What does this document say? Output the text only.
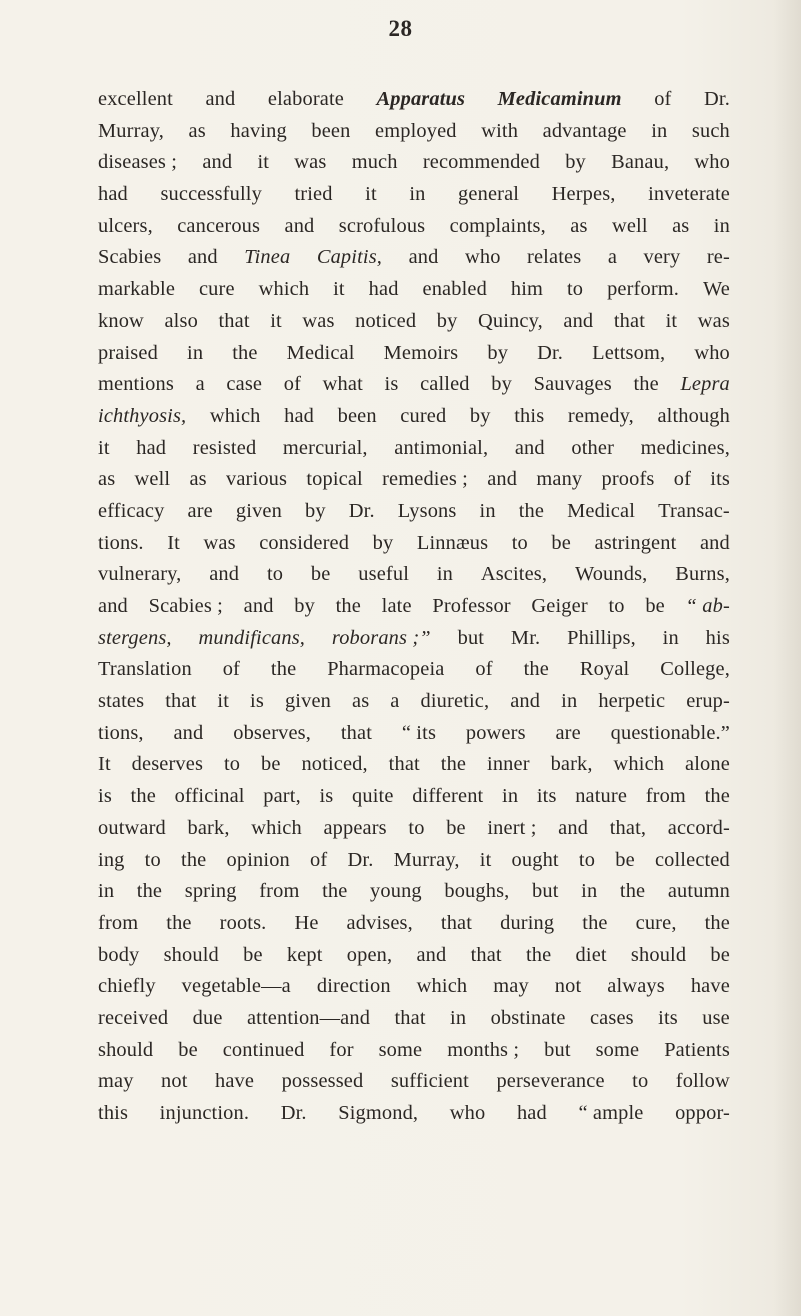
28
excellent and elaborate Apparatus Medicaminum of Dr.
Murray, as having been employed with advantage in such
diseases ; and it was much recommended by Banau, who
had successfully tried it in general Herpes, inveterate
ulcers, cancerous and scrofulous complaints, as well as in
Scabies and Tinea Capitis, and who relates a very re-
markable cure which it had enabled him to perform. We
know also that it was noticed by Quincy, and that it was
praised in the Medical Memoirs by Dr. Lettsom, who
mentions a case of what is called by Sauvages the Lepra
ichthyosis, which had been cured by this remedy, although
it had resisted mercurial, antimonial, and other medicines,
as well as various topical remedies ; and many proofs of its
efficacy are given by Dr. Lysons in the Medical Transac-
tions. It was considered by Linnæus to be astringent and
vulnerary, and to be useful in Ascites, Wounds, Burns,
and Scabies ; and by the late Professor Geiger to be “ ab-
stergens, mundificans, roborans ;” but Mr. Phillips, in his
Translation of the Pharmacopeia of the Royal College,
states that it is given as a diuretic, and in herpetic erup-
tions, and observes, that “ its powers are questionable.”
It deserves to be noticed, that the inner bark, which alone
is the officinal part, is quite different in its nature from the
outward bark, which appears to be inert ; and that, accord-
ing to the opinion of Dr. Murray, it ought to be collected
in the spring from the young boughs, but in the autumn
from the roots. He advises, that during the cure, the
body should be kept open, and that the diet should be
chiefly vegetable—a direction which may not always have
received due attention—and that in obstinate cases its use
should be continued for some months ; but some Patients
may not have possessed sufficient perseverance to follow
this injunction. Dr. Sigmond, who had “ ample oppor-
